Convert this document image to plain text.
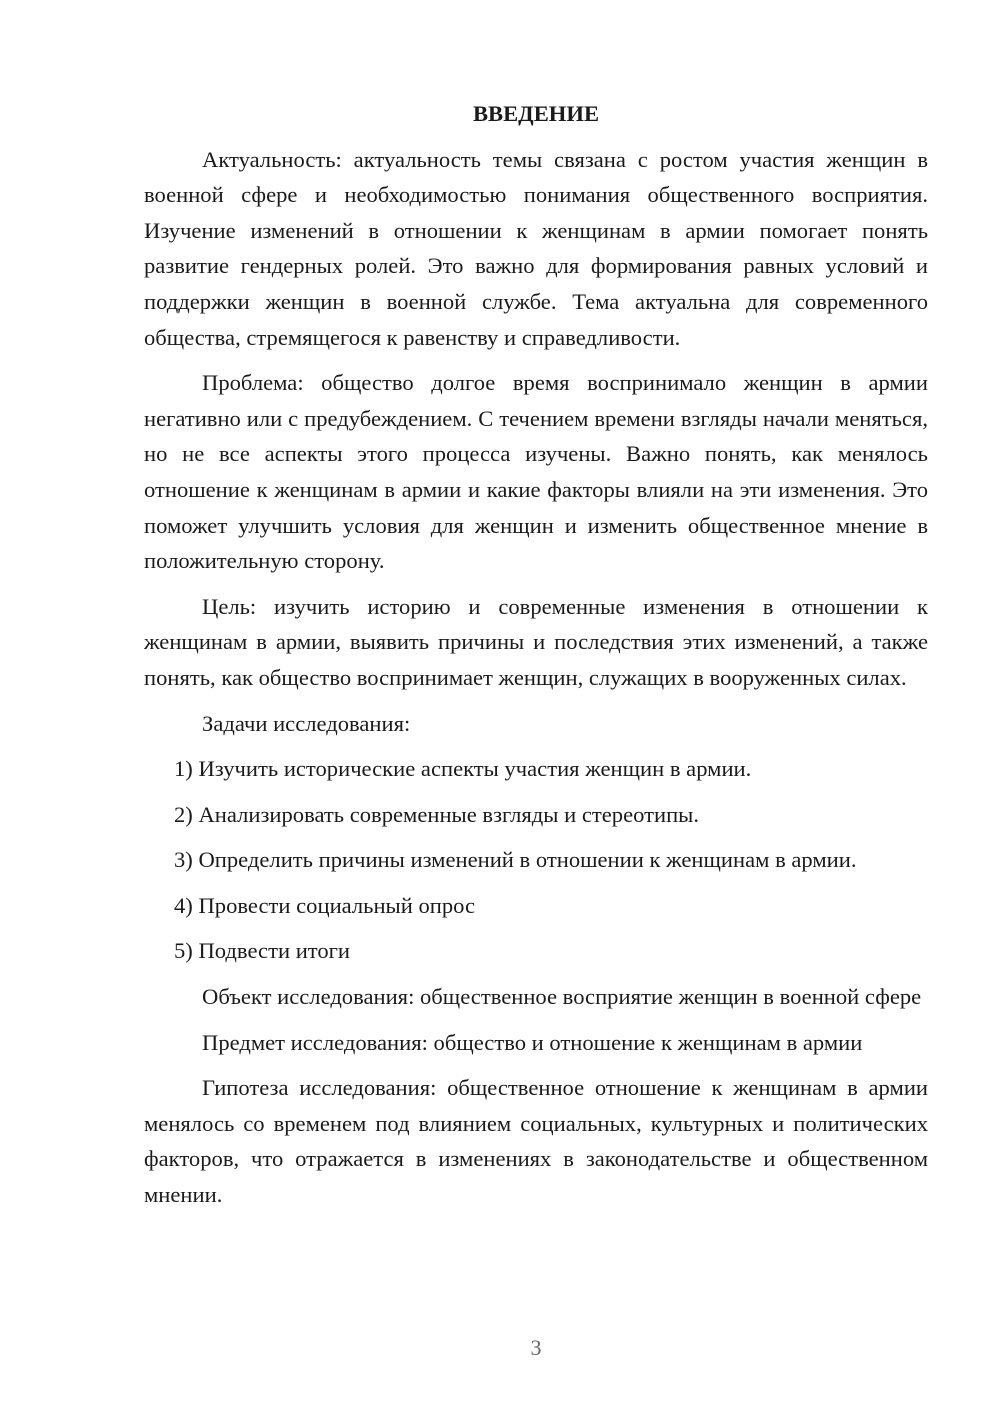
ВВЕДЕНИЕ

Актуальность: актуальность темы связана с ростом участия женщин в военной сфере и необходимостью понимания общественного восприятия. Изучение изменений в отношении к женщинам в армии помогает понять развитие гендерных ролей. Это важно для формирования равных условий и поддержки женщин в военной службе. Тема актуальна для современного общества, стремящегося к равенству и справедливости.

Проблема: общество долгое время воспринимало женщин в армии негативно или с предубеждением. С течением времени взгляды начали меняться, но не все аспекты этого процесса изучены. Важно понять, как менялось отношение к женщинам в армии и какие факторы влияли на эти изменения. Это поможет улучшить условия для женщин и изменить общественное мнение в положительную сторону.

Цель: изучить историю и современные изменения в отношении к женщинам в армии, выявить причины и последствия этих изменений, а также понять, как общество воспринимает женщин, служащих в вооруженных силах.

Задачи исследования:

1) Изучить исторические аспекты участия женщин в армии.
2) Анализировать современные взгляды и стереотипы.
3) Определить причины изменений в отношении к женщинам в армии.
4) Провести социальный опрос
5) Подвести итоги

Объект исследования: общественное восприятие женщин в военной сфере

Предмет исследования: общество и отношение к женщинам в армии

Гипотеза исследования: общественное отношение к женщинам в армии менялось со временем под влиянием социальных, культурных и политических факторов, что отражается в изменениях в законодательстве и общественном мнении.

3
